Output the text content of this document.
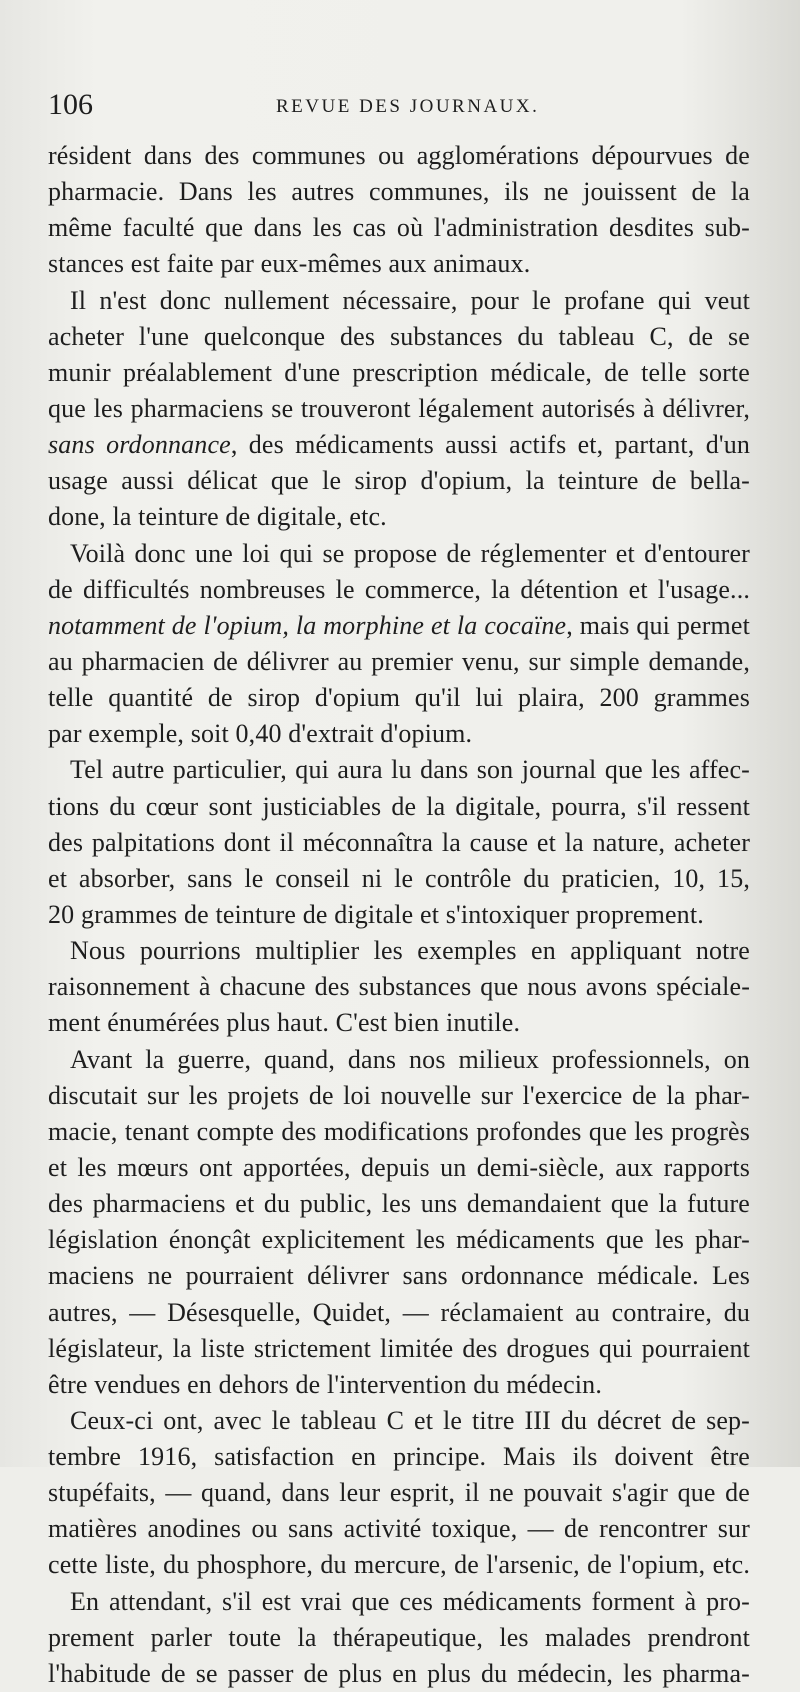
106	REVUE DES JOURNAUX.
résident dans des communes ou agglomérations dépourvues de
pharmacie. Dans les autres communes, ils ne jouissent de la
même faculté que dans les cas où l'administration desdites sub-
stances est faite par eux-mêmes aux animaux.
Il n'est donc nullement nécessaire, pour le profane qui veut
acheter l'une quelconque des substances du tableau C, de se
munir préalablement d'une prescription médicale, de telle sorte
que les pharmaciens se trouveront légalement autorisés à délivrer,
sans ordonnance, des médicaments aussi actifs et, partant, d'un
usage aussi délicat que le sirop d'opium, la teinture de bella-
done, la teinture de digitale, etc.
Voilà donc une loi qui se propose de réglementer et d'entourer
de difficultés nombreuses le commerce, la détention et l'usage...
notamment de l'opium, la morphine et la cocaïne, mais qui permet
au pharmacien de délivrer au premier venu, sur simple demande,
telle quantité de sirop d'opium qu'il lui plaira, 200 grammes
par exemple, soit 0,40 d'extrait d'opium.
Tel autre particulier, qui aura lu dans son journal que les affec-
tions du cœur sont justiciables de la digitale, pourra, s'il ressent
des palpitations dont il méconnaîtra la cause et la nature, acheter
et absorber, sans le conseil ni le contrôle du praticien, 10, 15,
20 grammes de teinture de digitale et s'intoxiquer proprement.
Nous pourrions multiplier les exemples en appliquant notre
raisonnement à chacune des substances que nous avons spéciale-
ment énumérées plus haut. C'est bien inutile.
Avant la guerre, quand, dans nos milieux professionnels, on
discutait sur les projets de loi nouvelle sur l'exercice de la phar-
macie, tenant compte des modifications profondes que les progrès
et les mœurs ont apportées, depuis un demi-siècle, aux rapports
des pharmaciens et du public, les uns demandaient que la future
législation énonçât explicitement les médicaments que les phar-
maciens ne pourraient délivrer sans ordonnance médicale. Les
autres, — Désesquelle, Quidet, — réclamaient au contraire, du
législateur, la liste strictement limitée des drogues qui pourraient
être vendues en dehors de l'intervention du médecin.
Ceux-ci ont, avec le tableau C et le titre III du décret de sep-
tembre 1916, satisfaction en principe. Mais ils doivent être
stupéfaits, — quand, dans leur esprit, il ne pouvait s'agir que de
matières anodines ou sans activité toxique, — de rencontrer sur
cette liste, du phosphore, du mercure, de l'arsenic, de l'opium, etc.
En attendant, s'il est vrai que ces médicaments forment à pro-
prement parler toute la thérapeutique, les malades prendront
l'habitude de se passer de plus en plus du médecin, les pharma-
